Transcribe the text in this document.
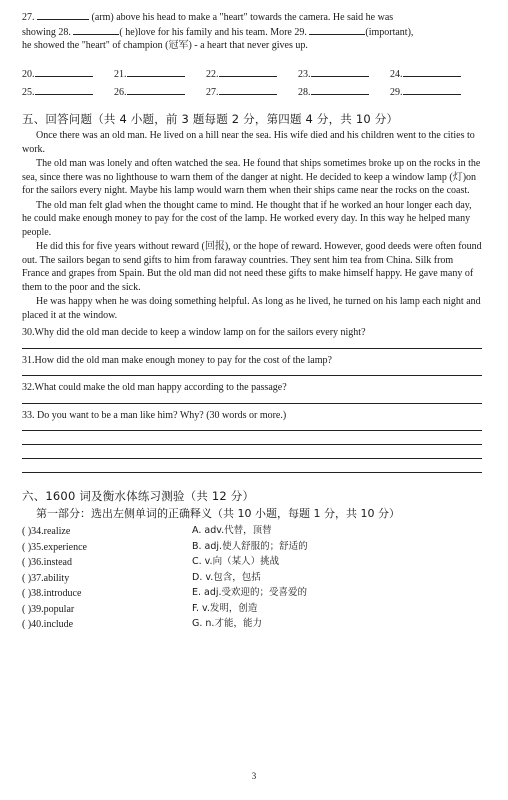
27.	(arm) above his head to make a "heart" towards the camera. He said he was

showing 28.	( he)love for his family and his team. More 29.	(important),

he showed the "heart" of champion (冠军) - a heart that never gives up.

20.	21.	22.	23.	24.
25.	26.	27.	28.	29.
五、回答问题（共 4 小题，前 3 题每题 2 分，第四题 4 分，共 10 分）

Once there was an old man. He lived on a hill near the sea. His wife died and his children went to the cities to work.

The old man was lonely and often watched the sea. He found that ships sometimes broke up on the rocks in the sea, since there was no lighthouse to warn them of the danger at night. He decided to keep a window lamp (灯)on for the sailors every night. Maybe his lamp would warn them when their ships came near the rocks on the coast.

The old man felt glad when the thought came to mind. He thought that if he worked an hour longer each day, he could make enough money to pay for the cost of the lamp. He worked every day. In this way he helped many people.

He did this for five years without reward (回报), or the hope of reward. However, good deeds were often found out. The sailors began to send gifts to him from faraway countries. They sent him tea from China. Silk from France and grapes from Spain. But the old man did not need these gifts to make himself happy. He gave many of them to the poor and the sick.

He was happy when he was doing something helpful. As long as he lived, he turned on his lamp each night and placed it at the window.

30.Why did the old man decide to keep a window lamp on for the sailors every night?

31.How did the old man make enough money to pay for the cost of the lamp?

32.What could make the old man happy according to the passage?

33. Do you want to be a man like him? Why? (30 words or more.)

六、1600 词及衡水体练习测验（共 12 分）
第一部分：选出左侧单词的正确释义（共 10 小题，每题 1 分，共 10 分）
( )34.realize	A. adv.代替，顶替
( )35.experience	B. adj.使人舒服的；舒适的
( )36.instead	C. v.向（某人）挑战
( )37.ability	D. v.包含，包括
( )38.introduce	E. adj.受欢迎的；受喜爱的
( )39.popular	F. v.发明，创造
( )40.include	G. n.才能，能力
3
